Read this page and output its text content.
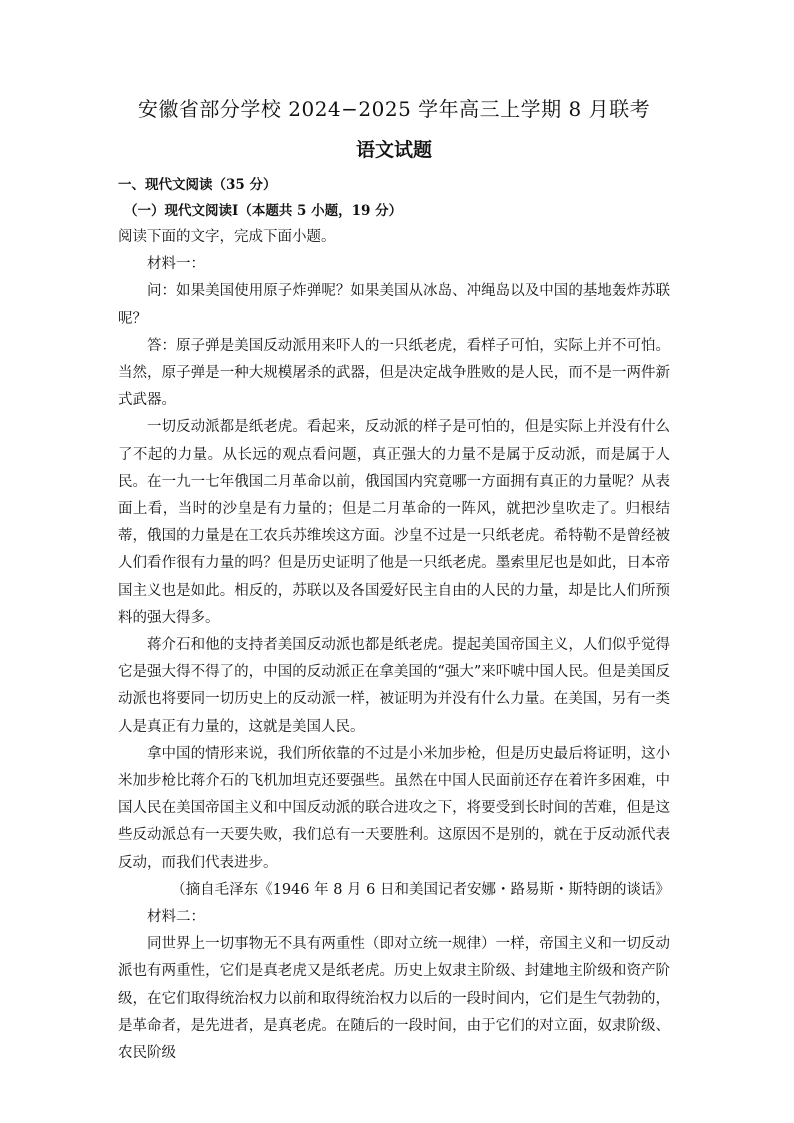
安徽省部分学校 2024−2025 学年高三上学期 8 月联考
语文试题

一、现代文阅读（35 分）

（一）现代文阅读Ⅰ（本题共 5 小题，19 分）

阅读下面的文字，完成下面小题。

材料一：

问：如果美国使用原子炸弹呢？如果美国从冰岛、冲绳岛以及中国的基地轰炸苏联呢？

答：原子弹是美国反动派用来吓人的一只纸老虎，看样子可怕，实际上并不可怕。当然，原子弹是一种大规模屠杀的武器，但是决定战争胜败的是人民，而不是一两件新式武器。

一切反动派都是纸老虎。看起来，反动派的样子是可怕的，但是实际上并没有什么了不起的力量。从长远的观点看问题，真正强大的力量不是属于反动派，而是属于人民。在一九一七年俄国二月革命以前，俄国国内究竟哪一方面拥有真正的力量呢？从表面上看，当时的沙皇是有力量的；但是二月革命的一阵风，就把沙皇吹走了。归根结蒂，俄国的力量是在工农兵苏维埃这方面。沙皇不过是一只纸老虎。希特勒不是曾经被人们看作很有力量的吗？但是历史证明了他是一只纸老虎。墨索里尼也是如此，日本帝国主义也是如此。相反的，苏联以及各国爱好民主自由的人民的力量，却是比人们所预料的强大得多。

蒋介石和他的支持者美国反动派也都是纸老虎。提起美国帝国主义，人们似乎觉得它是强大得不得了的，中国的反动派正在拿美国的“强大”来吓唬中国人民。但是美国反动派也将要同一切历史上的反动派一样，被证明为并没有什么力量。在美国，另有一类人是真正有力量的，这就是美国人民。

拿中国的情形来说，我们所依靠的不过是小米加步枪，但是历史最后将证明，这小米加步枪比蒋介石的飞机加坦克还要强些。虽然在中国人民面前还存在着许多困难，中国人民在美国帝国主义和中国反动派的联合进攻之下，将要受到长时间的苦难，但是这些反动派总有一天要失败，我们总有一天要胜利。这原因不是别的，就在于反动派代表反动，而我们代表进步。

（摘自毛泽东《1946 年 8 月 6 日和美国记者安娜・路易斯・斯特朗的谈话》

材料二：

同世界上一切事物无不具有两重性（即对立统一规律）一样，帝国主义和一切反动派也有两重性，它们是真老虎又是纸老虎。历史上奴隶主阶级、封建地主阶级和资产阶级，在它们取得统治权力以前和取得统治权力以后的一段时间内，它们是生气勃勃的，是革命者，是先进者，是真老虎。在随后的一段时间，由于它们的对立面，奴隶阶级、农民阶级
